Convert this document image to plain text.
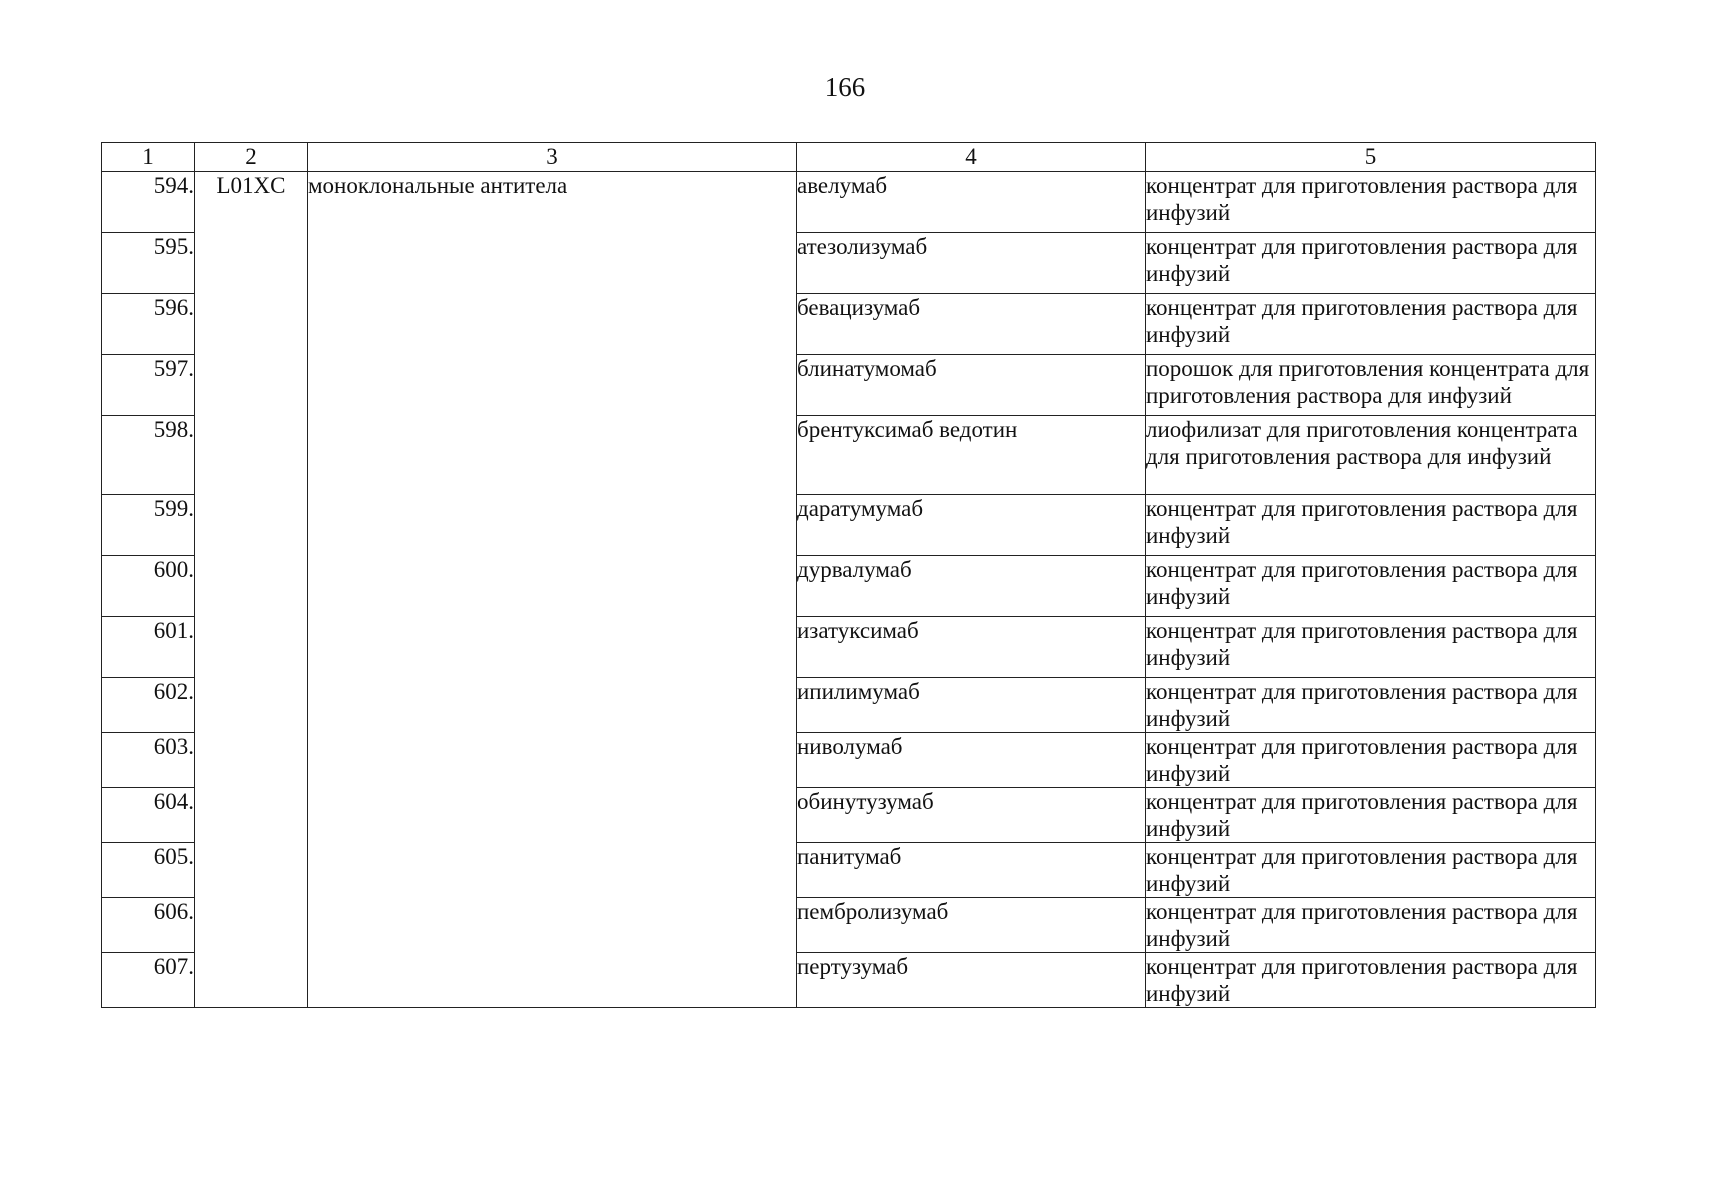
166
1	2	3	4	5
594.	L01XC	моноклональные антитела	авелумаб	концентрат для приготовления раствора для инфузий
595.			атезолизумаб	концентрат для приготовления раствора для инфузий
596.			бевацизумаб	концентрат для приготовления раствора для инфузий
597.			блинатумомаб	порошок для приготовления концентрата для приготовления раствора для инфузий
598.			брентуксимаб ведотин	лиофилизат для приготовления концентрата для приготовления раствора для инфузий
599.			даратумумаб	концентрат для приготовления раствора для инфузий
600.			дурвалумаб	концентрат для приготовления раствора для инфузий
601.			изатуксимаб	концентрат для приготовления раствора для инфузий
602.			ипилимумаб	концентрат для приготовления раствора для инфузий
603.			ниволумаб	концентрат для приготовления раствора для инфузий
604.			обинутузумаб	концентрат для приготовления раствора для инфузий
605.			панитумаб	концентрат для приготовления раствора для инфузий
606.			пембролизумаб	концентрат для приготовления раствора для инфузий
607.			пертузумаб	концентрат для приготовления раствора для инфузий
